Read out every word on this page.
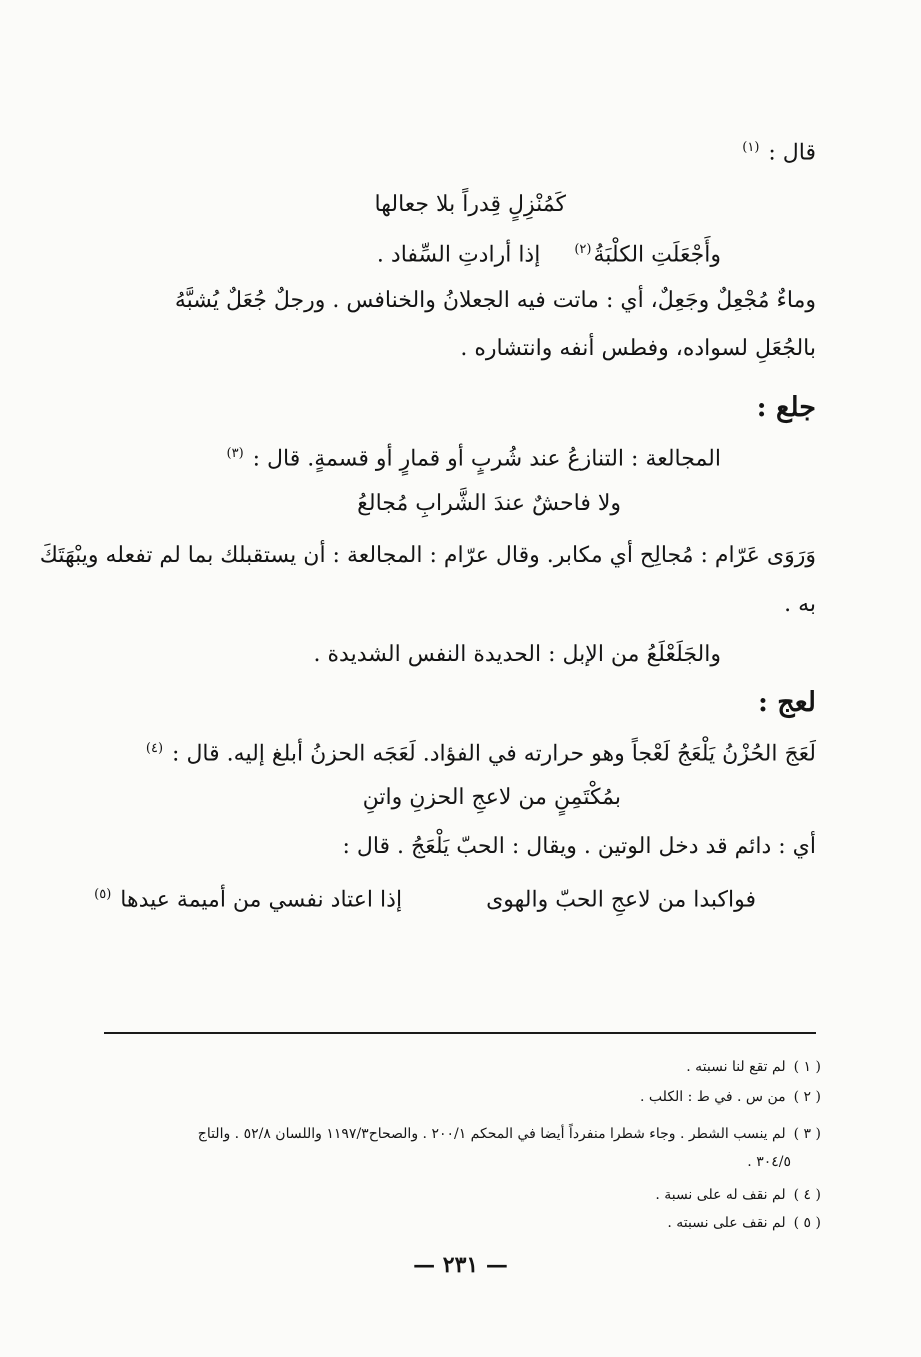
قال : $^{(١)}$
كَمُنْزِلٍ قِدراً بلا جعالها
وأَجْعَلَتِ الكلْبَةُ$^{(٢)}$  إذا أرادتِ السِّفاد .
وماءٌ مُجْعِلٌ وجَعِلٌ، أي : ماتت فيه الجعلانُ والخنافس . ورجلٌ جُعَلٌ يُشبَّهُ
بالجُعَلِ لسواده، وفطس أنفه وانتشاره .
جلع :
المجالعة : التنازعُ عند شُربٍ أو قمارٍ أو قسمةٍ. قال : $^{(٣)}$
ولا فاحشٌ عندَ الشَّرابِ مُجالعُ
وَرَوَى عَرّام : مُجالِح أي مكابر. وقال عرّام : المجالعة : أن يستقبلك بما لم تفعله ويبْهَتَكَ
به .
والجَلَعْلَعُ من الإبل : الحديدة النفس الشديدة .
لعج :
لَعَجَ الحُزْنُ يَلْعَجُ لَعْجاً وهو حرارته في الفؤاد. لَعَجَه الحزنُ أبلغ إليه. قال : $^{(٤)}$
بمُكْتَمِنٍ من لاعجِ الحزنِ واتنِ
أي : دائم قد دخل الوتين . ويقال : الحبّ يَلْعَجُ . قال :
فواكبدا من لاعجِ الحبّ والهوى  إذا اعتاد نفسي من أميمة عيدها $^{(٥)}$
( ١ )لم تقع لنا نسبته .
( ٢ )من س . في ط : الكلب .
( ٣ )لم ينسب الشطر . وجاء شطرا منفرداً أيضا في المحكم ٢٠٠/١ . والصحاح١١٩٧/٣ واللسان ٥٢/٨ . والتاج
٣٠٤/٥ .
( ٤ )لم نقف له على نسبة .
( ٥ )لم نقف على نسبته .
— ٢٣١ —
